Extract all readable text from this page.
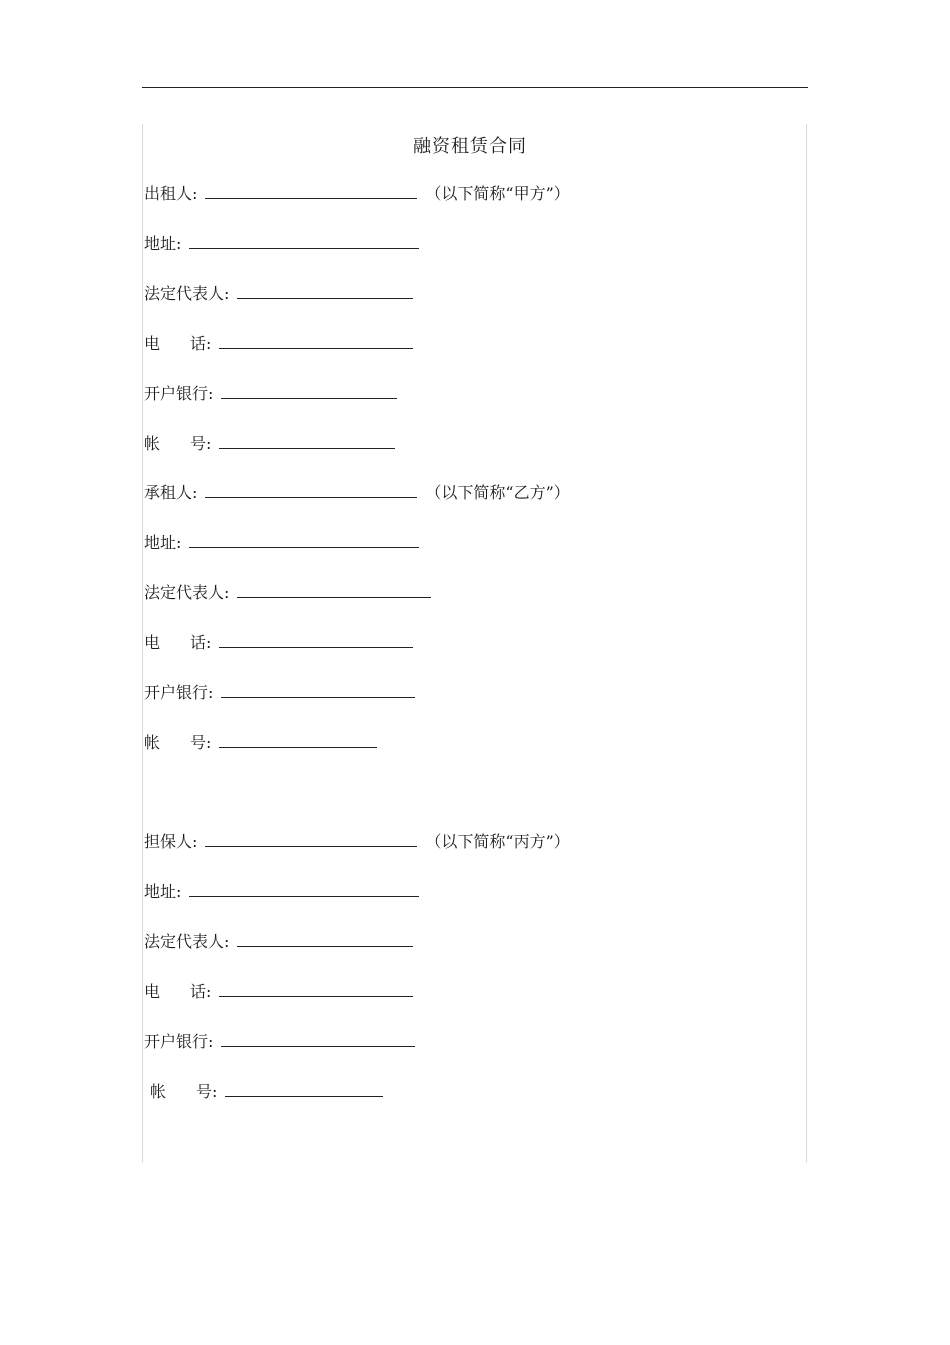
融资租赁合同
出租人 :	（以下简称“甲方”）
地址 :
法定代表人 :
电 话 :
开户银行 :
帐 号 :
承租人 :	（以下简称“乙方”）
地址 :
法定代表人 :
电 话 :
开户银行 :
帐 号 :
担保人 :	（以下简称“丙方”）
地址 :
法定代表人 :
电 话 :
开户银行 :
帐 号 :
